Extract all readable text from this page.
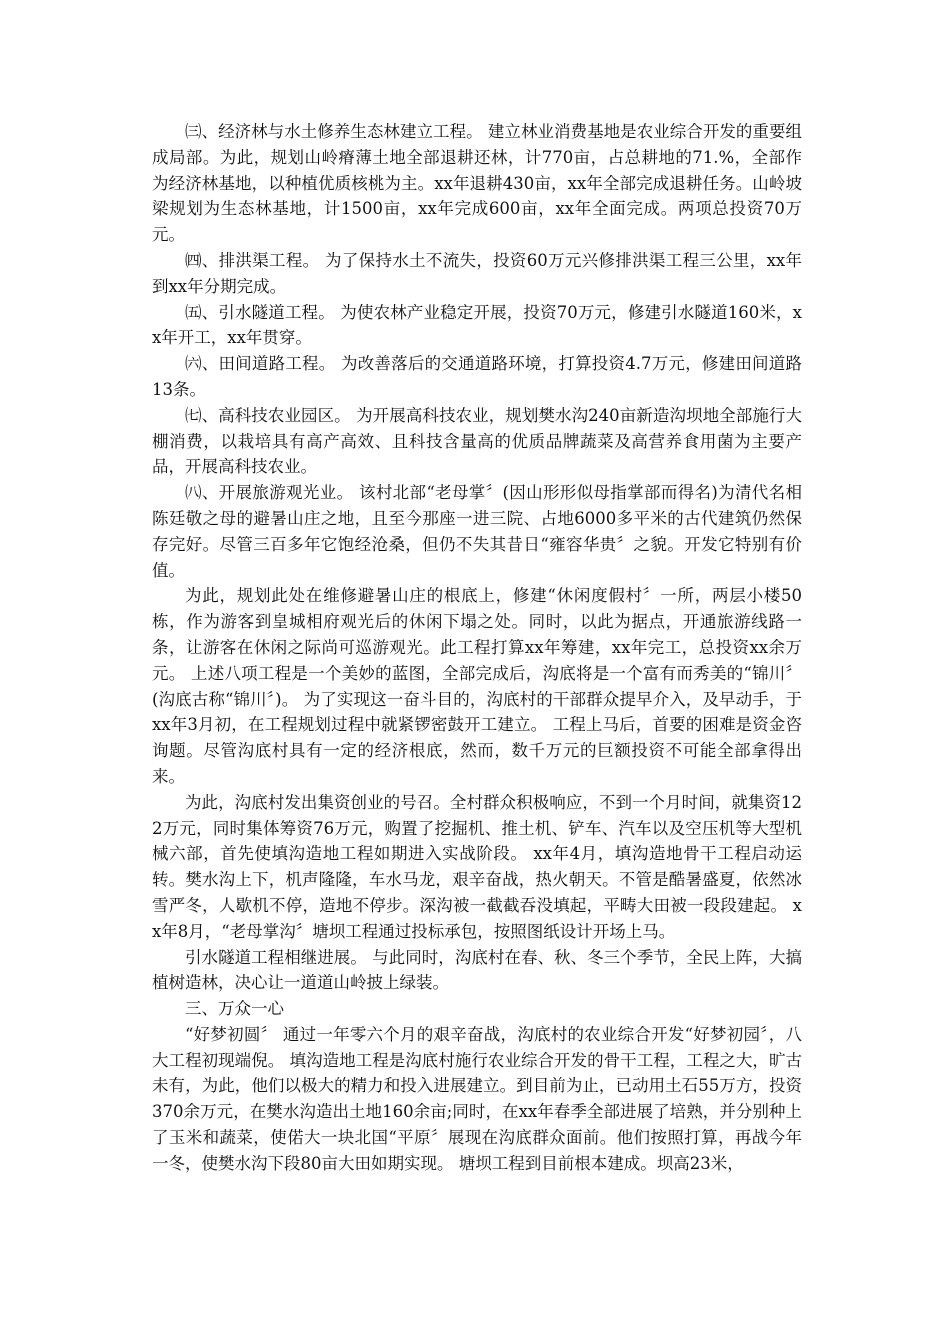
㈢、经济林与水土修养生态林建立工程。 建立林业消费基地是农业综合开发的重要组成局部。为此，规划山岭瘠薄土地全部退耕还林，计770亩，占总耕地的71.%，全部作为经济林基地，以种植优质核桃为主。xx年退耕430亩，xx年全部完成退耕任务。山岭坡梁规划为生态林基地，计1500亩，xx年完成600亩，xx年全面完成。两项总投资70万元。

㈣、排洪渠工程。 为了保持水土不流失，投资60万元兴修排洪渠工程三公里，xx年到xx年分期完成。

㈤、引水隧道工程。 为使农林产业稳定开展，投资70万元，修建引水隧道160米，xx年开工，xx年贯穿。

㈥、田间道路工程。 为改善落后的交通道路环境，打算投资4.7万元，修建田间道路13条。

㈦、高科技农业园区。 为开展高科技农业，规划樊水沟240亩新造沟坝地全部施行大棚消费，以栽培具有高产高效、且科技含量高的优质品牌蔬菜及高营养食用菌为主要产品，开展高科技农业。

㈧、开展旅游观光业。 该村北部“老母掌〞(因山形形似母指掌部而得名)为清代名相陈廷敬之母的避暑山庄之地，且至今那座一进三院、占地6000多平米的古代建筑仍然保存完好。尽管三百多年它饱经沧桑，但仍不失其昔日“雍容华贵〞之貌。开发它特别有价值。

为此，规划此处在维修避暑山庄的根底上，修建“休闲度假村〞一所，两层小楼50栋，作为游客到皇城相府观光后的休闲下塌之处。同时，以此为据点，开通旅游线路一条，让游客在休闲之际尚可巡游观光。此工程打算xx年筹建，xx年完工，总投资xx余万元。 上述八项工程是一个美妙的蓝图，全部完成后，沟底将是一个富有而秀美的“锦川〞(沟底古称“锦川〞)。 为了实现这一奋斗目的，沟底村的干部群众提早介入，及早动手，于xx年3月初，在工程规划过程中就紧锣密鼓开工建立。 工程上马后，首要的困难是资金咨询题。尽管沟底村具有一定的经济根底，然而，数千万元的巨额投资不可能全部拿得出来。

为此，沟底村发出集资创业的号召。全村群众积极响应，不到一个月时间，就集资122万元，同时集体筹资76万元，购置了挖掘机、推土机、铲车、汽车以及空压机等大型机械六部，首先使填沟造地工程如期进入实战阶段。 xx年4月，填沟造地骨干工程启动运转。樊水沟上下，机声隆隆，车水马龙，艰辛奋战，热火朝天。不管是酷暑盛夏，依然冰雪严冬，人歇机不停，造地不停步。深沟被一截截吞没填起，平畴大田被一段段建起。 xx年8月，“老母掌沟〞塘坝工程通过投标承包，按照图纸设计开场上马。

引水隧道工程相继进展。 与此同时，沟底村在春、秋、冬三个季节，全民上阵，大搞植树造林，决心让一道道山岭披上绿装。

三、万众一心

“好梦初圆〞 通过一年零六个月的艰辛奋战，沟底村的农业综合开发“好梦初园〞，八大工程初现端倪。 填沟造地工程是沟底村施行农业综合开发的骨干工程，工程之大，旷古未有，为此，他们以极大的精力和投入进展建立。到目前为止，已动用土石55万方，投资370余万元，在樊水沟造出土地160余亩;同时，在xx年春季全部进展了培熟，并分别种上了玉米和蔬菜，使偌大一块北国“平原〞展现在沟底群众面前。他们按照打算，再战今年一冬，使樊水沟下段80亩大田如期实现。 塘坝工程到目前根本建成。坝高23米，
